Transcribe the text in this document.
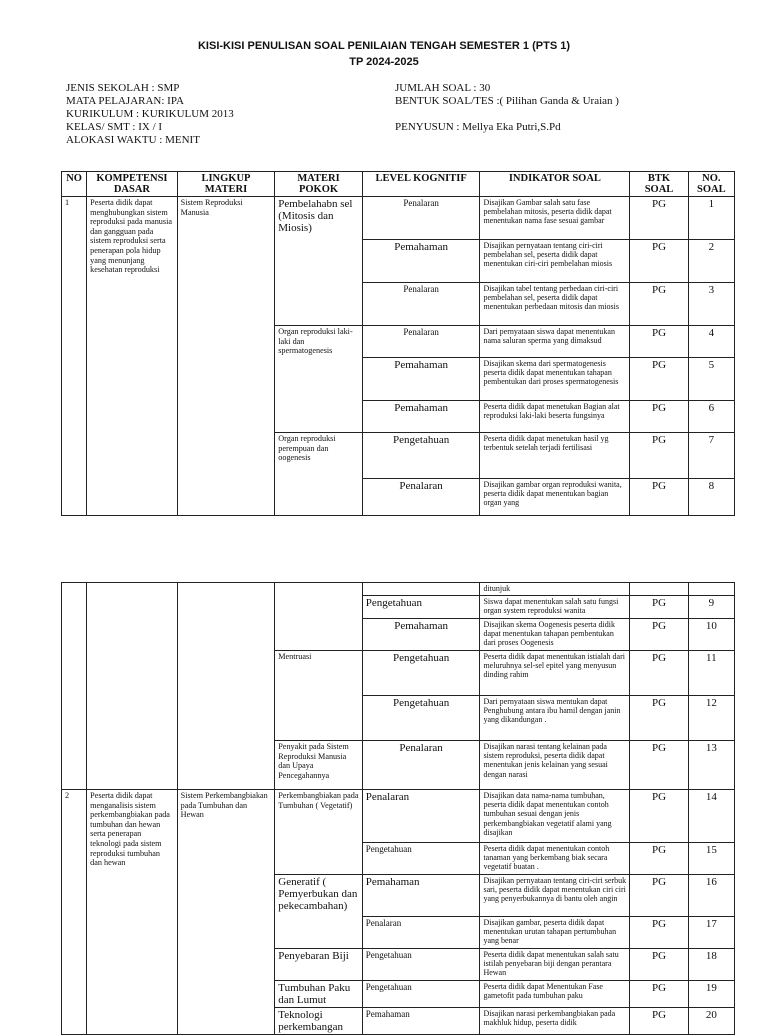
KISI-KISI PENULISAN SOAL PENILAIAN TENGAH SEMESTER 1 (PTS 1)
TP 2024-2025
JENIS SEKOLAH : SMP
MATA PELAJARAN: IPA
KURIKULUM : KURIKULUM 2013
KELAS/ SMT : IX / I
ALOKASI WAKTU : MENIT
JUMLAH SOAL : 30
BENTUK SOAL/TES :( Pilihan Ganda & Uraian )
PENYUSUN : Mellya Eka Putri,S.Pd
NO	KOMPETENSI DASAR	LINGKUP MATERI	MATERI POKOK	LEVEL KOGNITIF	INDIKATOR SOAL	BTK SOAL	NO. SOAL
1	Peserta didik dapat menghubungkan sistem reproduksi pada manusia dan gangguan pada sistem reproduksi serta penerapan pola hidup yang menunjang kesehatan reproduksi	Sistem Reproduksi Manusia	Pembelahabn sel (Mitosis dan Miosis)	Penalaran	Disajikan Gambar salah satu fase pembelahan mitosis, peserta didik dapat menentukan nama fase sesuai gambar	PG	1
				Pemahaman	Disajikan pernyataan tentang ciri-ciri pembelahan sel, peserta didik dapat menentukan ciri-ciri pembelahan miosis	PG	2
				Penalaran	Disajikan tabel tentang perbedaan ciri-ciri pembelahan sel, peserta didik dapat menentukan perbedaan mitosis dan miosis	PG	3
			Organ reproduksi laki-laki dan spermatogenesis	Penalaran	Dari pernyataan siswa dapat menentukan nama saluran sperma yang dimaksud	PG	4
				Pemahaman	Disajikan skema dari spermatogenesis peserta didik dapat menentukan tahapan pembentukan dari proses spermatogenesis	PG	5
				Pemahaman	Peserta didik dapat menetukan Bagian alat reproduksi laki-laki beserta fungsinya	PG	6
			Organ reproduksi perempuan dan oogenesis	Pengetahuan	Peserta didik dapat menetukan hasil yg terbentuk setelah terjadi fertilisasi	PG	7
				Penalaran	Disajikan gambar organ reproduksi wanita, peserta didik dapat menentukan bagian organ yang	PG	8
					ditunjuk		
				Pengetahuan	Siswa dapat menentukan salah satu fungsi organ system reproduksi wanita	PG	9
				Pemahaman	Disajikan skema Oogenesis peserta didik dapat menentukan tahapan pembentukan dari proses Oogenesis	PG	10
			Mentruasi	Pengetahuan	Peserta didik dapat menentukan istialah dari meluruhnya sel-sel epitel yang menyusun dinding rahim	PG	11
				Pengetahuan	Dari pernyataan siswa mentukan dapat Penghubung antara ibu hamil dengan janin yang dikandungan .	PG	12
			Penyakit pada Sistem Reproduksi Manusia dan Upaya Pencegahannya	Penalaran	Disajikan narasi tentang kelainan pada sistem reproduksi, peserta didik dapat menentukan jenis kelainan yang sesuai dengan narasi	PG	13
2	Peserta didik dapat menganalisis sistem perkembangbiakan pada tumbuhan dan hewan serta penerapan teknologi pada sistem reproduksi tumbuhan dan hewan	Sistem Perkembangbiakan pada Tumbuhan dan Hewan	Perkembangbiakan pada Tumbuhan ( Vegetatif)	Penalaran	Disajikan data nama-nama tumbuhan, peserta didik dapat menentukan contoh tumbuhan sesuai dengan jenis perkembangbiakan vegetatif alami yang disajikan	PG	14
				Pengetahuan	Peserta didik dapat menentukan contoh tanaman yang berkembang biak secara vegetatif buatan .	PG	15
			Generatif ( Pemyerbukan dan pekecambahan)	Pemahaman	Disajikan pernyataan tentang ciri-ciri serbuk sari, peserta didik dapat menentukan ciri ciri yang penyerbukannya di bantu oleh angin	PG	16
				Penalaran	Disajikan gambar, peserta didik dapat menentukan urutan tahapan pertumbuhan yang benar	PG	17
			Penyebaran Biji	Pengetahuan	Peserta didik dapat menentukan salah satu istilah penyebaran biji dengan perantara Hewan	PG	18
			Tumbuhan Paku dan Lumut	Pengetahuan	Peserta didik dapat Menentukan Fase gametofit pada tumbuhan paku	PG	19
			Teknologi perkembangan	Pemahaman	Disajikan narasi perkembangbiakan pada makhluk hidup, peserta didik	PG	20
